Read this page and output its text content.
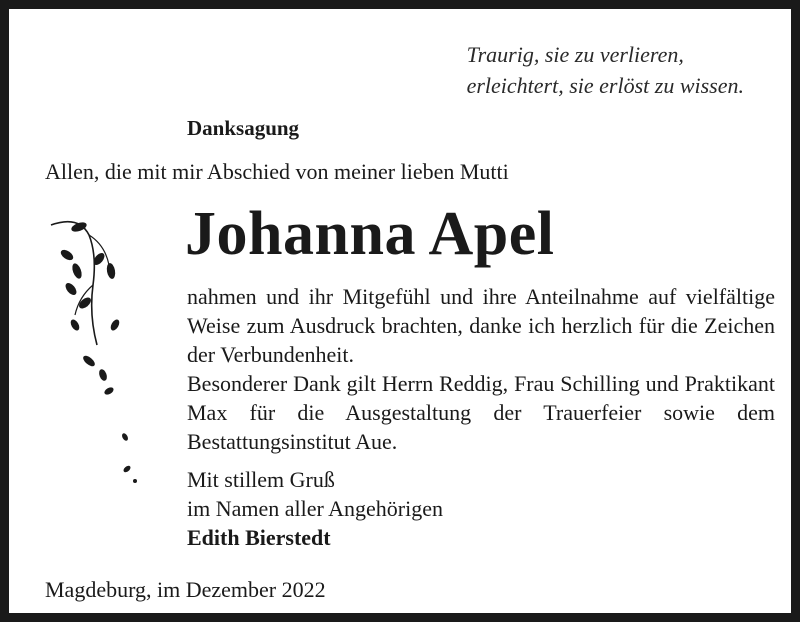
Traurig, sie zu verlieren,
erleichtert, sie erlöst zu wissen.
Danksagung
Allen, die mit mir Abschied von meiner lieben Mutti
Johanna Apel

nahmen und ihr Mitgefühl und ihre Anteilnahme auf vielfältige Weise zum Ausdruck brachten, danke ich herzlich für die Zeichen der Verbundenheit.

Besonderer Dank gilt Herrn Reddig, Frau Schilling und Praktikant Max für die Ausgestaltung der Trauerfeier sowie dem Bestattungsinstitut Aue.

Mit stillem Gruß
im Namen aller Angehörigen
Edith Bierstedt
Magdeburg, im Dezember 2022
